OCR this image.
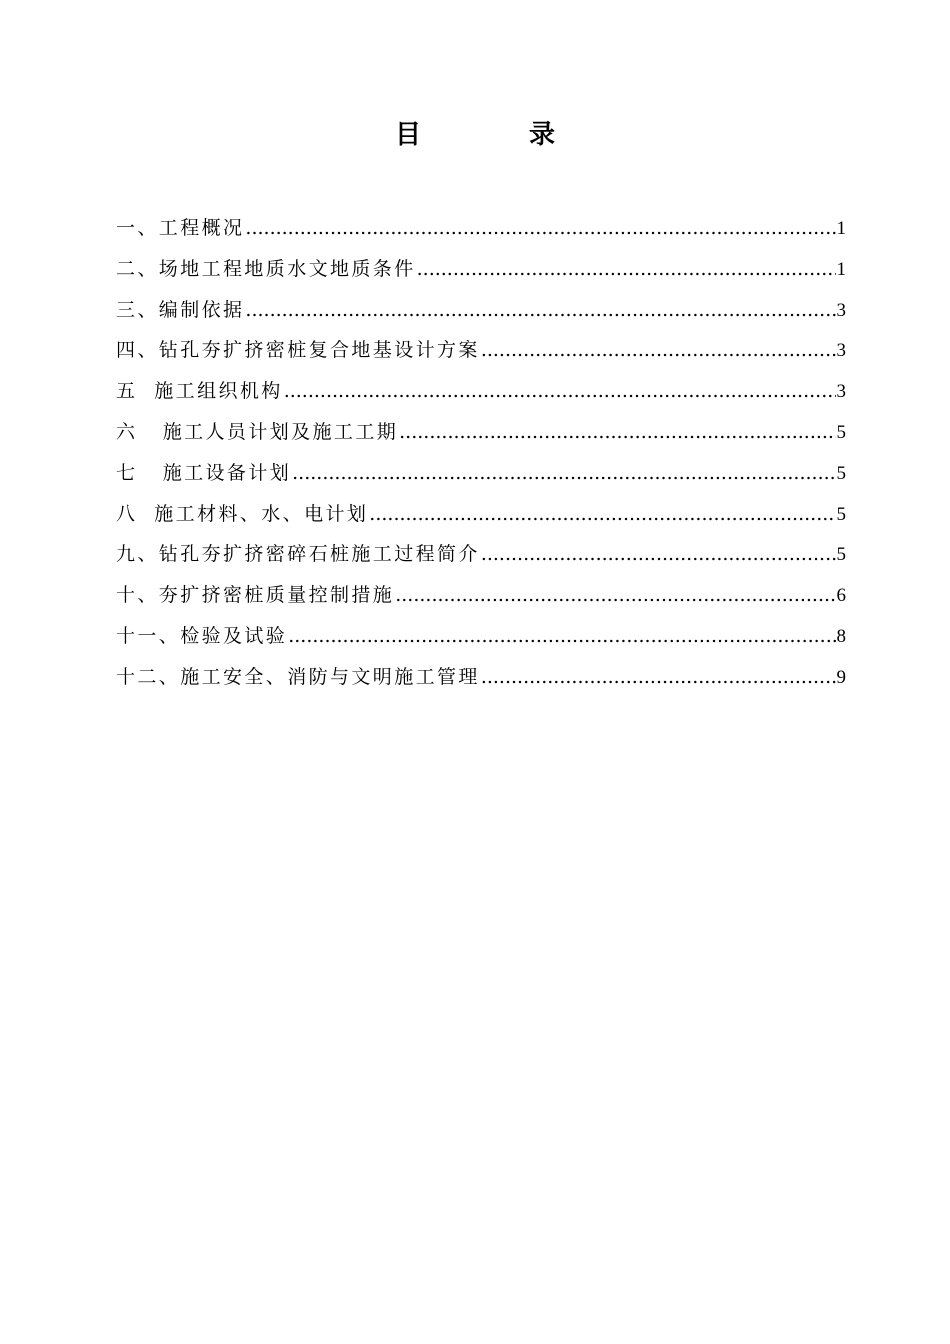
目	录
一、工程概况 .....	1
二、场地工程地质水文地质条件 .....	1
三、编制依据 .....	3
四、钻孔夯扩挤密桩复合地基设计方案 .....	3
五  施工组织机构 .....	3
六   施工人员计划及施工工期 .....	5
七   施工设备计划 .....	5
八  施工材料、水、电计划 .....	5
九、钻孔夯扩挤密碎石桩施工过程简介 .....	5
十、夯扩挤密桩质量控制措施 .....	6
十一、检验及试验 .....	8
十二、施工安全、消防与文明施工管理 .....	9
